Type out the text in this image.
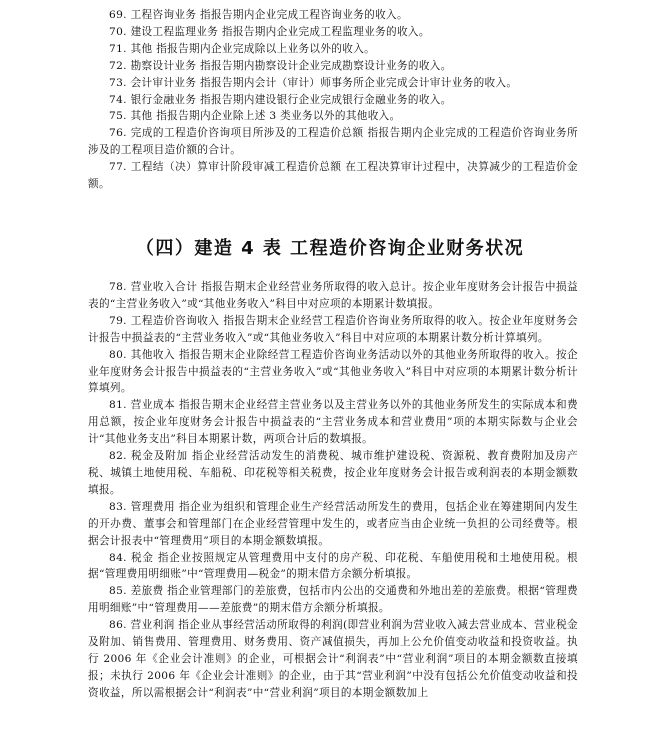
69. 工程咨询业务 指报告期内企业完成工程咨询业务的收入。

70. 建设工程监理业务 指报告期内企业完成工程监理业务的收入。

71. 其他 指报告期内企业完成除以上业务以外的收入。

72. 勘察设计业务 指报告期内勘察设计企业完成勘察设计业务的收入。

73. 会计审计业务 指报告期内会计（审计）师事务所企业完成会计审计业务的收入。

74. 银行金融业务 指报告期内建设银行企业完成银行金融业务的收入。

75. 其他 指报告期内企业除上述 3 类业务以外的其他收入。

76. 完成的工程造价咨询项目所涉及的工程造价总额 指报告期内企业完成的工程造价咨询业务所涉及的工程项目造价额的合计。

77. 工程结（决）算审计阶段审减工程造价总额 在工程决算审计过程中，决算减少的工程造价金额。

（四）建造 4 表 工程造价咨询企业财务状况

78. 营业收入合计 指报告期末企业经营业务所取得的收入总计。按企业年度财务会计报告中损益表的“主营业务收入”或“其他业务收入”科目中对应项的本期累计数填报。

79. 工程造价咨询收入 指报告期末企业经营工程造价咨询业务所取得的收入。按企业年度财务会计报告中损益表的“主营业务收入”或“其他业务收入”科目中对应项的本期累计数分析计算填列。

80. 其他收入 指报告期末企业除经营工程造价咨询业务活动以外的其他业务所取得的收入。按企业年度财务会计报告中损益表的“主营业务收入”或“其他业务收入”科目中对应项的本期累计数分析计算填列。

81. 营业成本 指报告期末企业经营主营业务以及主营业务以外的其他业务所发生的实际成本和费用总额，按企业年度财务会计报告中损益表的“主营业务成本和营业费用”项的本期实际数与企业会计“其他业务支出”科目本期累计数，两项合计后的数填报。

82. 税金及附加 指企业经营活动发生的消费税、城市维护建设税、资源税、教育费附加及房产税、城镇土地使用税、车船税、印花税等相关税费，按企业年度财务会计报告或利润表的本期金额数填报。

83. 管理费用 指企业为组织和管理企业生产经营活动所发生的费用，包括企业在筹建期间内发生的开办费、董事会和管理部门在企业经营管理中发生的，或者应当由企业统一负担的公司经费等。根据会计报表中“管理费用”项目的本期金额数填报。

84. 税金 指企业按照规定从管理费用中支付的房产税、印花税、车船使用税和土地使用税。根据“管理费用明细账”中“管理费用—税金”的期末借方余额分析填报。

85. 差旅费 指企业管理部门的差旅费，包括市内公出的交通费和外地出差的差旅费。根据“管理费用明细账”中“管理费用——差旅费”的期末借方余额分析填报。

86. 营业利润 指企业从事经营活动所取得的利润(即营业利润为营业收入减去营业成本、营业税金及附加、销售费用、管理费用、财务费用、资产减值损失，再加上公允价值变动收益和投资收益。执行 2006 年《企业会计准则》的企业，可根据会计“利润表”中“营业利润”项目的本期金额数直接填报；未执行 2006 年《企业会计准则》的企业，由于其“营业利润”中没有包括公允价值变动收益和投资收益，所以需根据会计“利润表”中“营业利润”项目的本期金额数加上
